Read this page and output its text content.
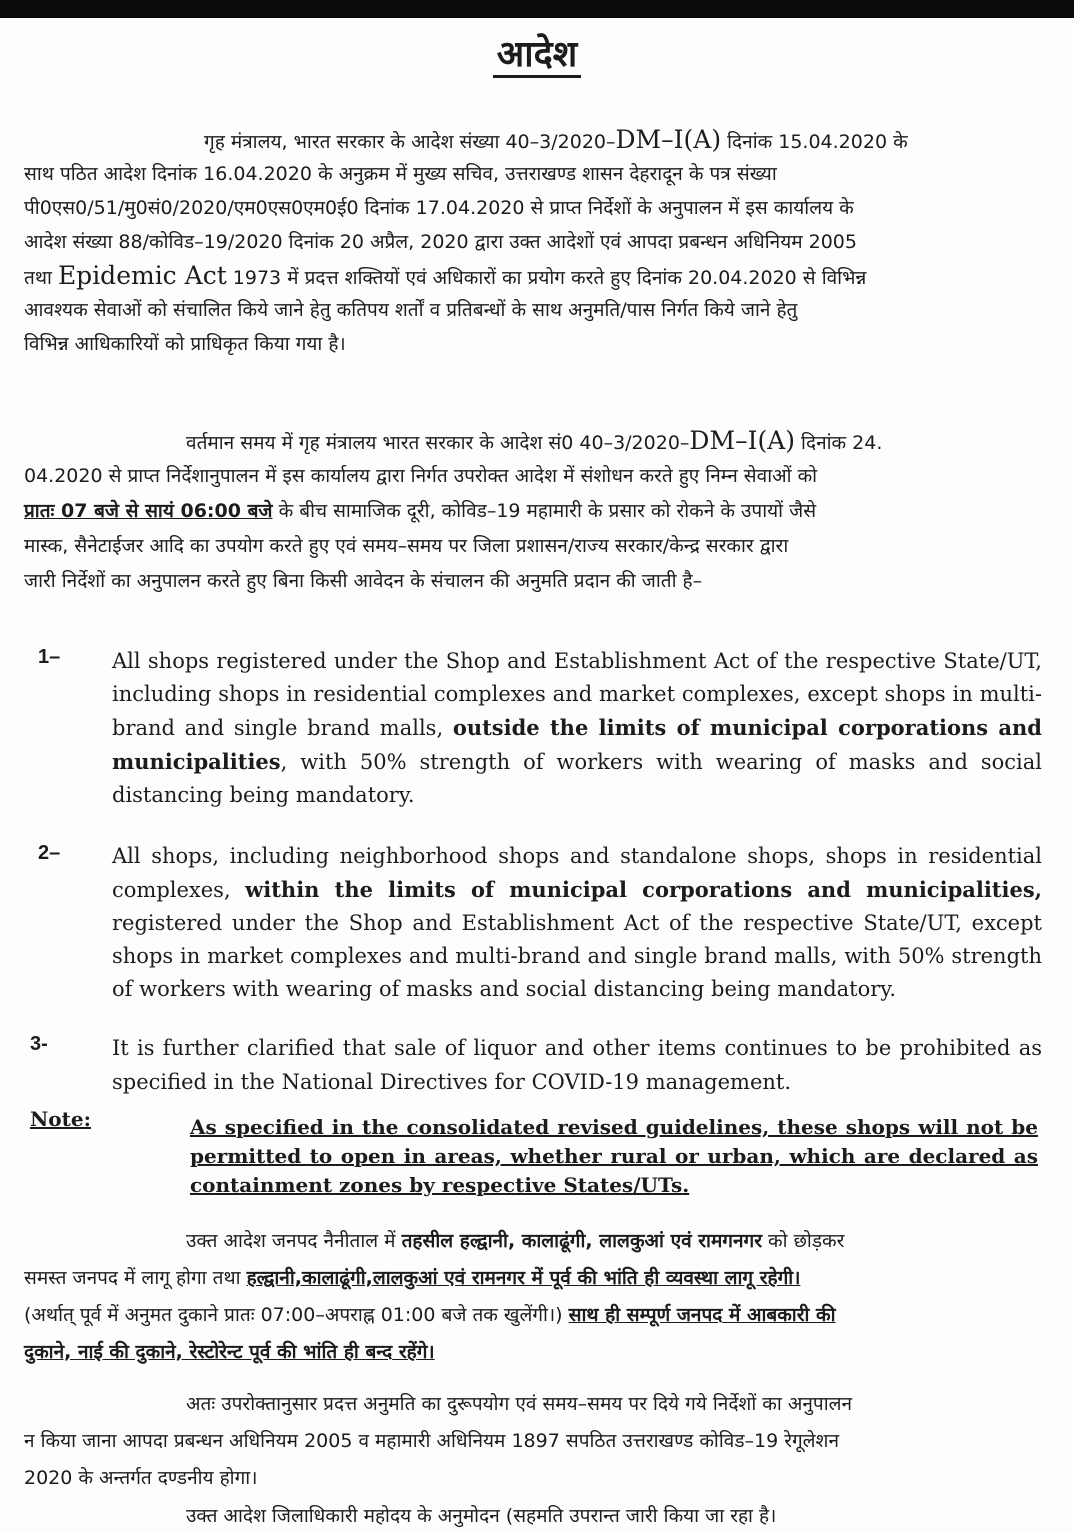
आदेश
गृह मंत्रालय, भारत सरकार के आदेश संख्या 40–3/2020–DM–I(A) दिनांक 15.04.2020 के
साथ पठित आदेश दिनांक 16.04.2020 के अनुक्रम में मुख्य सचिव, उत्तराखण्ड शासन देहरादून के पत्र संख्या
पी0एस0/51/मु0सं0/2020/एम0एस0एम0ई0 दिनांक 17.04.2020 से प्राप्त निर्देशों के अनुपालन में इस कार्यालय के
आदेश संख्या 88/कोविड–19/2020 दिनांक 20 अप्रैल, 2020 द्वारा उक्त आदेशों एवं आपदा प्रबन्धन अधिनियम 2005
तथा Epidemic Act 1973 में प्रदत्त शक्तियों एवं अधिकारों का प्रयोग करते हुए दिनांक 20.04.2020 से विभिन्न
आवश्यक सेवाओं को संचालित किये जाने हेतु कतिपय शर्तों व प्रतिबन्धों के साथ अनुमति/पास निर्गत किये जाने हेतु
विभिन्न आधिकारियों को प्राधिकृत किया गया है।
वर्तमान समय में गृह मंत्रालय भारत सरकार के आदेश सं0 40–3/2020–DM–I(A) दिनांक 24.
04.2020 से प्राप्त निर्देशानुपालन में इस कार्यालय द्वारा निर्गत उपरोक्त आदेश में संशोधन करते हुए निम्न सेवाओं को
प्रातः 07 बजे से सायं 06:00 बजे के बीच सामाजिक दूरी, कोविड–19 महामारी के प्रसार को रोकने के उपायों जैसे
मास्क, सैनेटाईजर आदि का उपयोग करते हुए एवं समय–समय पर जिला प्रशासन/राज्य सरकार/केन्द्र सरकार द्वारा
जारी निर्देशों का अनुपालन करते हुए बिना किसी आवेदन के संचालन की अनुमति प्रदान की जाती है–
1– All shops registered under the Shop and Establishment Act of the respective State/UT, including shops in residential complexes and market complexes, except shops in multi-brand and single brand malls, outside the limits of municipal corporations and municipalities, with 50% strength of workers with wearing of masks and social distancing being mandatory.
2– All shops, including neighborhood shops and standalone shops, shops in residential complexes, within the limits of municipal corporations and municipalities, registered under the Shop and Establishment Act of the respective State/UT, except shops in market complexes and multi-brand and single brand malls, with 50% strength of workers with wearing of masks and social distancing being mandatory.
3-	It is further clarified that sale of liquor and other items continues to be prohibited as specified in the National Directives for COVID-19 management.
Note:	As specified in the consolidated revised guidelines, these shops will not be permitted to open in areas, whether rural or urban, which are declared as containment zones by respective States/UTs.
उक्त आदेश जनपद नैनीताल में तहसील हल्द्वानी, कालाढूंगी, लालकुआं एवं रामगनगर को छोड़कर
समस्त जनपद में लागू होगा तथा हल्द्वानी,कालाढूंगी,लालकुआं एवं रामनगर में पूर्व की भांति ही व्यवस्था लागू रहेगी।
(अर्थात् पूर्व में अनुमत दुकाने प्रातः 07:00–अपराह्न 01:00 बजे तक खुलेंगी।) साथ ही सम्पूर्ण जनपद में आबकारी की
दुकाने, नाई की दुकाने, रेस्टोरेन्ट पूर्व की भांति ही बन्द रहेंगे।
अतः उपरोक्तानुसार प्रदत्त अनुमति का दुरूपयोग एवं समय–समय पर दिये गये निर्देशों का अनुपालन
न किया जाना आपदा प्रबन्धन अधिनियम 2005 व महामारी अधिनियम 1897 सपठित उत्तराखण्ड कोविड–19 रेगूलेशन
2020 के अन्तर्गत दण्डनीय होगा।
उक्त आदेश जिलाधिकारी महोदय के अनुमोदन (सहमति उपरान्त जारी किया जा रहा है।
